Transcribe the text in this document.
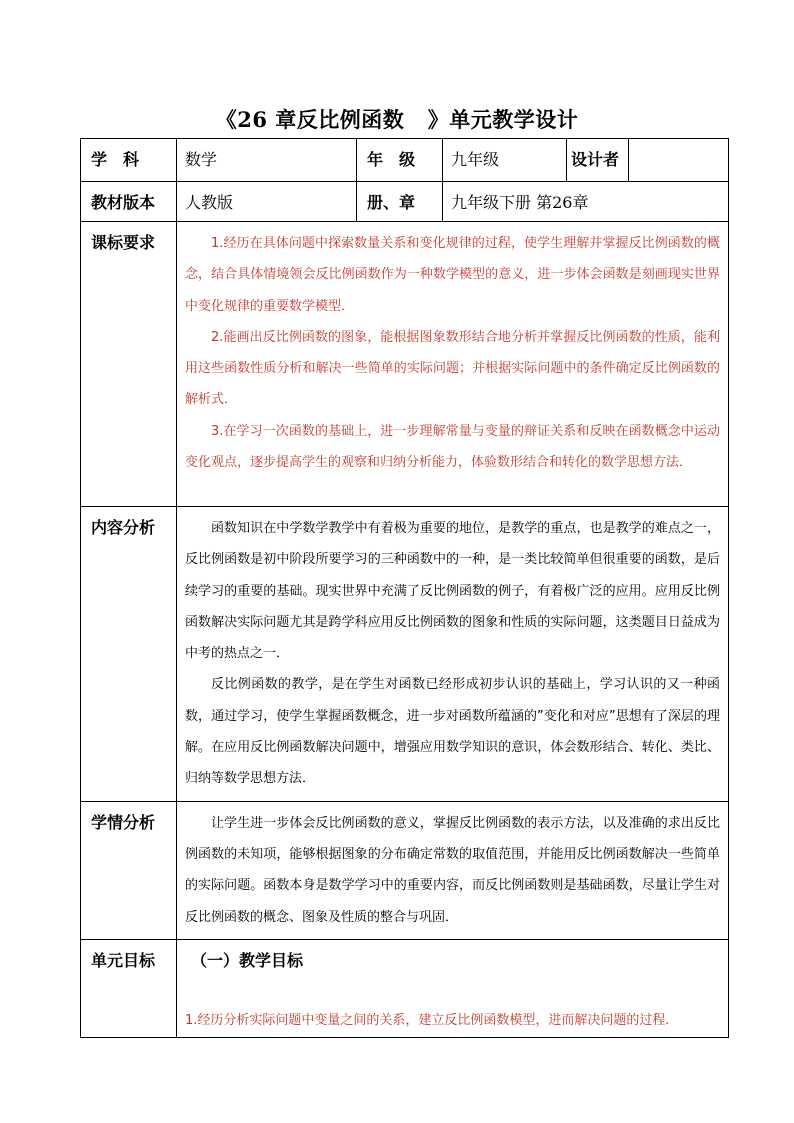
《26 章反比例函数   》单元教学设计
学　科	数学	年　级	九年级	设计者	
教材版本	人教版	册、章	九年级下册 第26章		
课标要求	1.经历在具体问题中探索数量关系和变化规律的过程，使学生理解并掌握反比例函数的概念，结合具体情境领会反比例函数作为一种数学模型的意义，进一步体会函数是刻画现实世界中变化规律的重要数学模型．

2.能画出反比例函数的图象，能根据图象数形结合地分析并掌握反比例函数的性质，能利用这些函数性质分析和解决一些简单的实际问题；并根据实际问题中的条件确定反比例函数的解析式．

3.在学习一次函数的基础上，进一步理解常量与变量的辩证关系和反映在函数概念中运动变化观点，逐步提高学生的观察和归纳分析能力，体验数形结合和转化的数学思想方法．				

内容分析	函数知识在中学数学教学中有着极为重要的地位，是教学的重点，也是教学的难点之一，反比例函数是初中阶段所要学习的三种函数中的一种，是一类比较简单但很重要的函数，是后续学习的重要的基础。现实世界中充满了反比例函数的例子，有着极广泛的应用。应用反比例函数解决实际问题尤其是跨学科应用反比例函数的图象和性质的实际问题，这类题目日益成为中考的热点之一．

反比例函数的教学，是在学生对函数已经形成初步认识的基础上，学习认识的又一种函数，通过学习，使学生掌握函数概念，进一步对函数所蕴涵的”变化和对应”思想有了深层的理解。在应用反比例函数解决问题中，增强应用数学知识的意识，体会数形结合、转化、类比、归纳等数学思想方法．				

学情分析	让学生进一步体会反比例函数的意义，掌握反比例函数的表示方法，以及准确的求出反比例函数的未知项，能够根据图象的分布确定常数的取值范围，并能用反比例函数解决一些简单的实际问题。函数本身是数学学习中的重要内容，而反比例函数则是基础函数，尽量让学生对反比例函数的概念、图象及性质的整合与巩固．				

单元目标	（一）教学目标
1.经历分析实际问题中变量之间的关系，建立反比例函数模型，进而解决问题的过程．				
